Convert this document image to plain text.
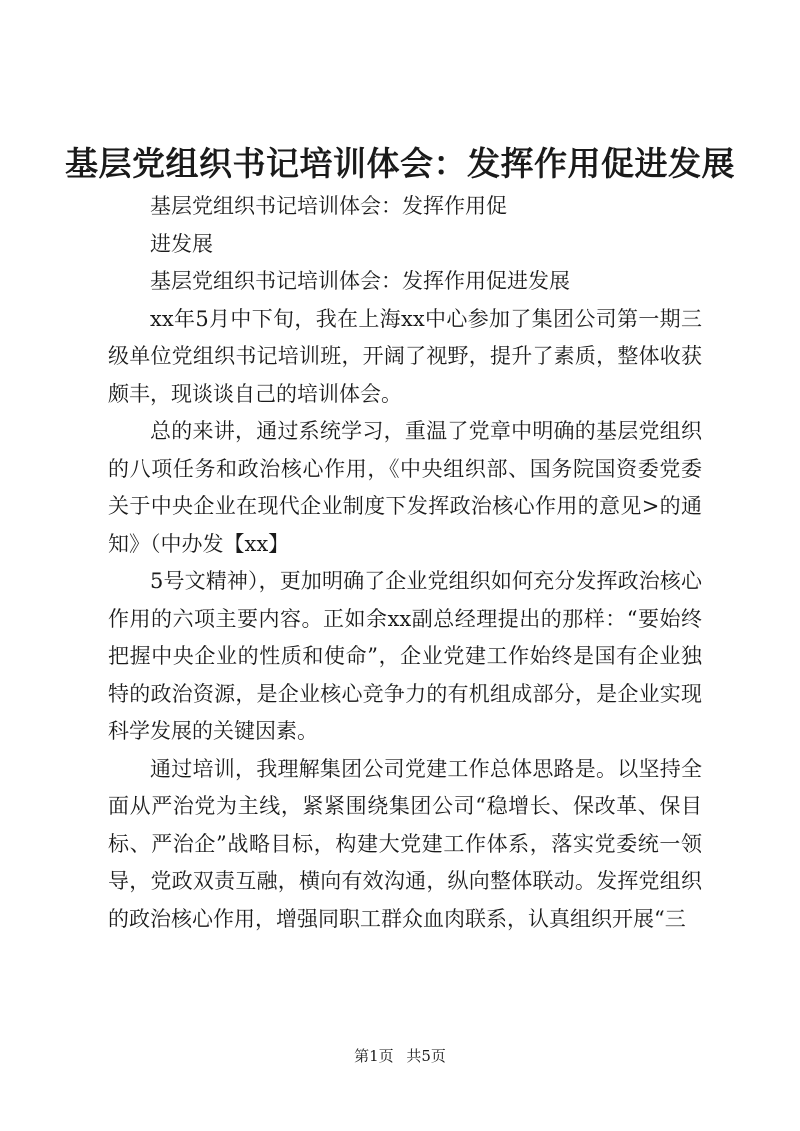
基层党组织书记培训体会：发挥作用促进发展

基层党组织书记培训体会：发挥作用促

进发展

基层党组织书记培训体会：发挥作用促进发展

xx年5月中下旬，我在上海xx中心参加了集团公司第一期三级单位党组织书记培训班，开阔了视野，提升了素质，整体收获颇丰，现谈谈自己的培训体会。

总的来讲，通过系统学习，重温了党章中明确的基层党组织的八项任务和政治核心作用，《中央组织部、国务院国资委党委关于中央企业在现代企业制度下发挥政治核心作用的意见>的通知》（中办发【xx】

5号文精神），更加明确了企业党组织如何充分发挥政治核心作用的六项主要内容。正如余xx副总经理提出的那样：“要始终把握中央企业的性质和使命”，企业党建工作始终是国有企业独特的政治资源，是企业核心竞争力的有机组成部分，是企业实现科学发展的关键因素。

通过培训，我理解集团公司党建工作总体思路是。以坚持全面从严治党为主线，紧紧围绕集团公司“稳增长、保改革、保目标、严治企”战略目标，构建大党建工作体系，落实党委统一领导，党政双责互融，横向有效沟通，纵向整体联动。发挥党组织的政治核心作用，增强同职工群众血肉联系，认真组织开展“三

第1页 共5页
